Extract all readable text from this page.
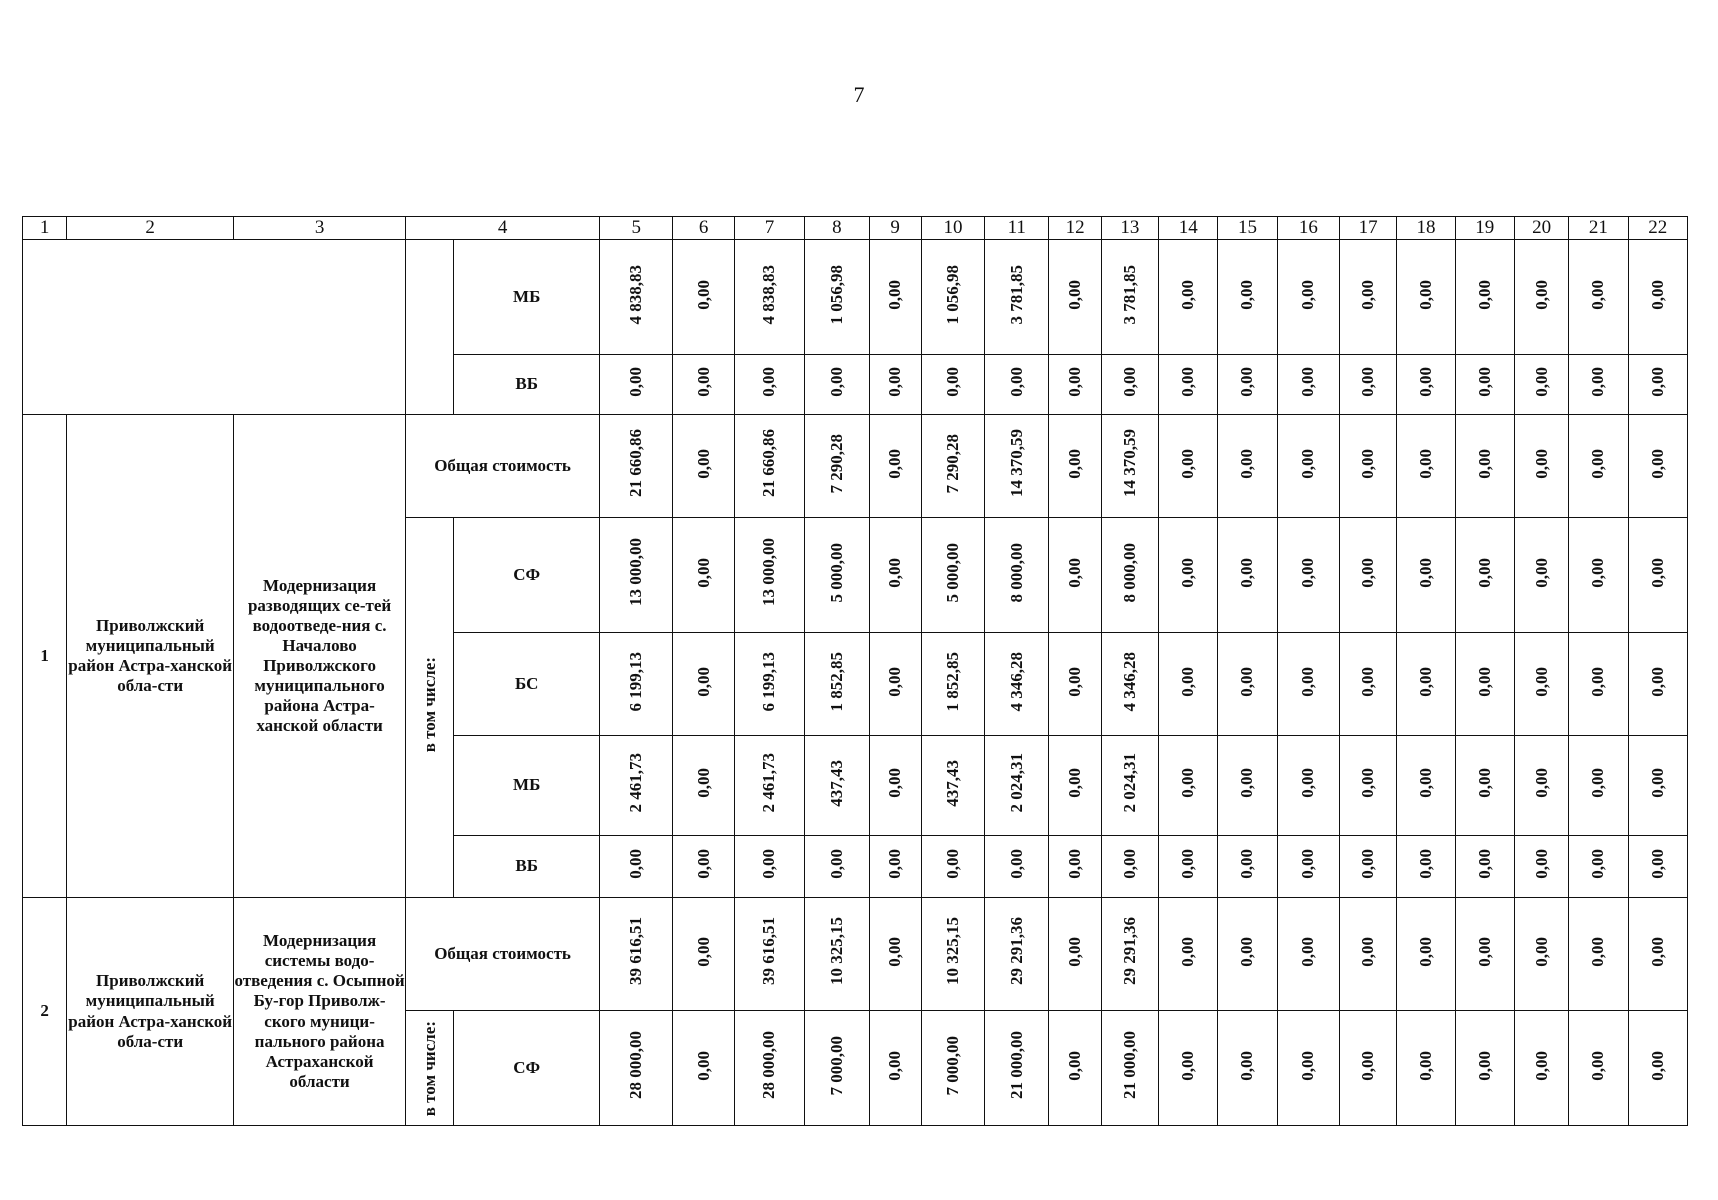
7
1	2	3	4		5	6	7	8	9	10	11	12	13	14	15	16	17	18	19	20	21	22
				МБ	4 838,83	0,00	4 838,83	1 056,98	0,00	1 056,98	3 781,85	0,00	3 781,85	0,00	0,00	0,00	0,00	0,00	0,00	0,00	0,00	0,00
				ВБ	0,00	0,00	0,00	0,00	0,00	0,00	0,00	0,00	0,00	0,00	0,00	0,00	0,00	0,00	0,00	0,00	0,00	0,00
1	Приволжский муниципальный район Астра-ханской обла-сти	Модернизация разводящих се-тей водоотведе-ния с. Началово Приволжского муниципального района Астра-ханской области	Общая стоимость		21 660,86	0,00	21 660,86	7 290,28	0,00	7 290,28	14 370,59	0,00	14 370,59	0,00	0,00	0,00	0,00	0,00	0,00	0,00	0,00	0,00
			в том числе:	СФ	13 000,00	0,00	13 000,00	5 000,00	0,00	5 000,00	8 000,00	0,00	8 000,00	0,00	0,00	0,00	0,00	0,00	0,00	0,00	0,00	0,00
				БС	6 199,13	0,00	6 199,13	1 852,85	0,00	1 852,85	4 346,28	0,00	4 346,28	0,00	0,00	0,00	0,00	0,00	0,00	0,00	0,00	0,00
				МБ	2 461,73	0,00	2 461,73	437,43	0,00	437,43	2 024,31	0,00	2 024,31	0,00	0,00	0,00	0,00	0,00	0,00	0,00	0,00	0,00
				ВБ	0,00	0,00	0,00	0,00	0,00	0,00	0,00	0,00	0,00	0,00	0,00	0,00	0,00	0,00	0,00	0,00	0,00	0,00
2	Приволжский муниципальный район Астра-ханской обла-сти	Модернизация системы водо-отведения с. Осыпной Бу-гор Приволж-ского муници-пального района Астраханской области	Общая стоимость		39 616,51	0,00	39 616,51	10 325,15	0,00	10 325,15	29 291,36	0,00	29 291,36	0,00	0,00	0,00	0,00	0,00	0,00	0,00	0,00	0,00
			в том числе:	СФ	28 000,00	0,00	28 000,00	7 000,00	0,00	7 000,00	21 000,00	0,00	21 000,00	0,00	0,00	0,00	0,00	0,00	0,00	0,00	0,00	0,00
